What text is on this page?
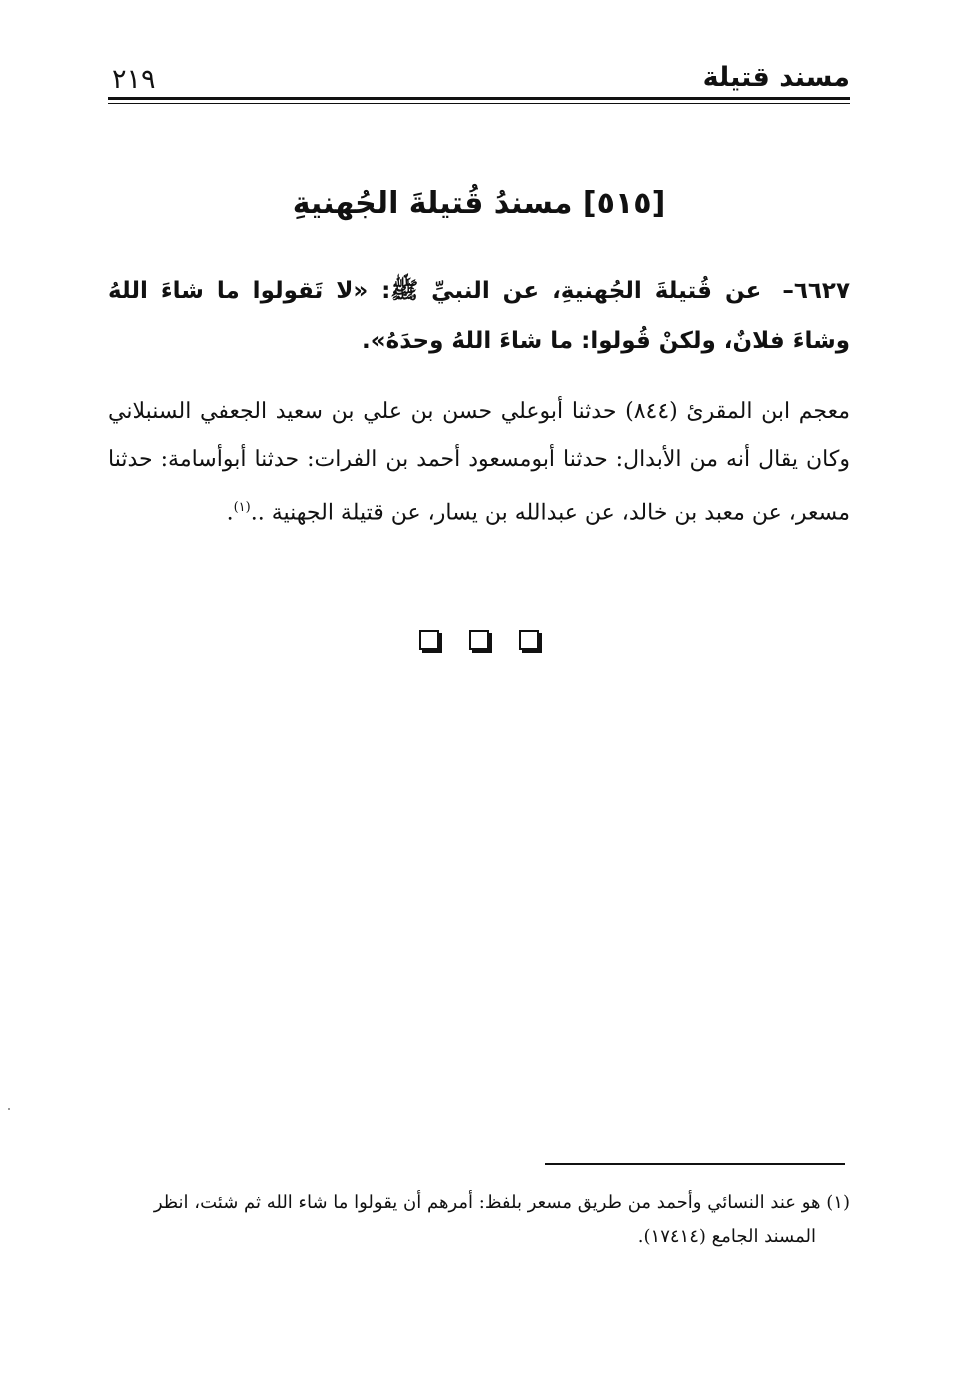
٢١٩	مسند قتيلة
[٥١٥] مسندُ قُتيلةَ الجُهنيةِ
٦٦٢٧– عن قُتيلةَ الجُهنيةِ، عن النبيِّ ﷺ: «لا تَقولوا ما شاءَ اللهُ وشاءَ فلانٌ، ولكنْ قُولوا: ما شاءَ اللهُ وحدَهُ».
معجم ابن المقرئ (٨٤٤) حدثنا أبوعلي حسن بن علي بن سعيد الجعفي السنبلاني وكان يقال أنه من الأبدال: حدثنا أبومسعود أحمد بن الفرات: حدثنا أبوأسامة: حدثنا مسعر، عن معبد بن خالد، عن عبدالله بن يسار، عن قتيلة الجهنية ..$^{(١)}$.
(١) هو عند النسائي وأحمد من طريق مسعر بلفظ: أمرهم أن يقولوا ما شاء الله ثم شئت، انظر
المسند الجامع (١٧٤١٤).
